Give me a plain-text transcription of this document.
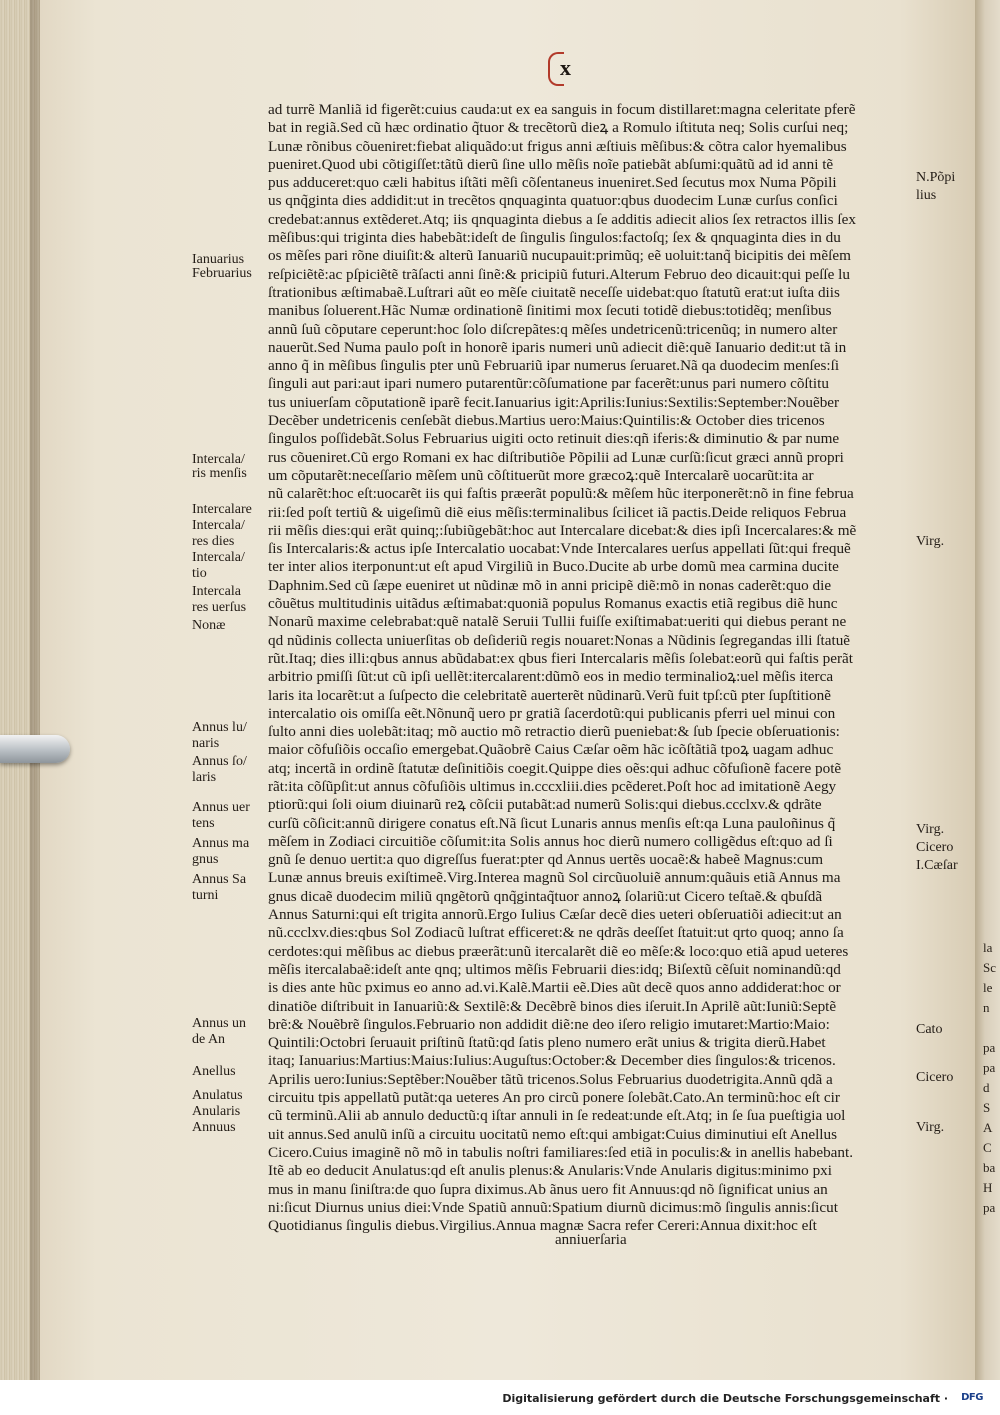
x
ad turrẽ Manliã id figerẽt:cuius cauda:ut ex ea sanguis in focum distillaret:magna celeritate pferẽ
bat in regiã.Sed cũ hæc ordinatio q̃tuor & trecẽtorũ dieꝝ a Romulo iſtituta neq; Solis curſui neq;
Lunæ rõnibus cõueniret:fiebat aliquãdo:ut frigus anni æſtiuis mẽſibus:& cõtra calor hyemalibus
pueniret.Quod ubi cõtigiſſet:tãtũ dierũ ſine ullo mẽſis noĩe patiebãt abſumi:quãtũ ad id anni tẽ
pus adduceret:quo cæli habitus iſtãti mẽſi cõſentaneus inueniret.Sed ſecutus mox Numa Põpili
us qnq̃ginta dies addidit:ut in trecẽtos qnquaginta quatuor:qbus duodecim Lunæ curſus conſici
credebat:annus extẽderet.Atq; iis qnquaginta diebus a ſe additis adiecit alios ſex retractos illis ſex
mẽſibus:qui triginta dies habebãt:ideſt de ſingulis ſingulos:factoſq; ſex & qnquaginta dies in du
os mẽſes pari rõne diuiſit:& alterũ Ianuariũ nucupauit:primũq; eẽ uoluit:tanq̃ bicipitis dei mẽſem
reſpiciẽtẽ:ac pſpiciẽtẽ trãſacti anni ſinẽ:& pricipiũ futuri.Alterum Februo deo dicauit:qui peſſe lu
ſtrationibus æſtimabaẽ.Luſtrari aũt eo mẽſe ciuitatẽ neceſſe uidebat:quo ſtatutũ erat:ut iuſta diis
manibus ſoluerent.Hãc Numæ ordinationẽ ſinitimi mox ſecuti totidẽ diebus:totidẽq; menſibus
annũ ſuũ cõputare ceperunt:hoc ſolo diſcrepãtes:q mẽſes undetricenũ:tricenũq; in numero alter
nauerũt.Sed Numa paulo poſt in honorẽ iparis numeri unũ adiecit diẽ:quẽ Ianuario dedit:ut tã in
anno q̃ in mẽſibus ſingulis pter unũ Februariũ ipar numerus ſeruaret.Nã qa duodecim menſes:ſi
ſinguli aut pari:aut ipari numero putarentũr:cõſumatione par facerẽt:unus pari numero cõſtitu
tus uniuerſam cõputationẽ iparẽ fecit.Ianuarius igit:Aprilis:Iunius:Sextilis:September:Nouẽber
Decẽber undetricenis cenſebãt diebus.Martius uero:Maius:Quintilis:& October dies tricenos
ſingulos poſſidebãt.Solus Februarius uigiti octo retinuit dies:qñ iferis:& diminutio & par nume
rus cõueniret.Cũ ergo Romani ex hac diſtributiõe Põpilii ad Lunæ curſũ:ſicut græci annũ propri
um cõputarẽt:neceſſario mẽſem unũ cõſtituerũt more græcoꝝ:quẽ Intercalarẽ uocarũt:ita ar
nũ calarẽt:hoc eſt:uocarẽt iis qui faſtis præerãt populũ:& mẽſem hũc iterponerẽt:nõ in fine februa
rii:ſed poſt tertiũ & uigeſimũ diẽ eius mẽſis:terminalibus ſcilicet iã pactis.Deide reliquos Februa
rii mẽſis dies:qui erãt quinq;:ſubiũgebãt:hoc aut Intercalare dicebat:& dies ipſi Incercalares:& mẽ
ſis Intercalaris:& actus ipſe Intercalatio uocabat:Vnde Intercalares uerſus appellati ſũt:qui frequẽ
ter inter alios iterponunt:ut eſt apud Virgiliũ in Buco.Ducite ab urbe domũ mea carmina ducite
Daphnim.Sed cũ ſæpe eueniret ut nũdinæ mõ in anni pricipẽ diẽ:mõ in nonas caderẽt:quo die
cõuẽtus multitudinis uitãdus æſtimabat:quoniã populus Romanus exactis etiã regibus diẽ hunc
Nonarũ maxime celebrabat:quẽ natalẽ Seruii Tullii fuiſſe exiſtimabat:ueriti qui diebus perant ne
qd nũdinis collecta uniuerſitas ob deſideriũ regis nouaret:Nonas a Nũdinis ſegregandas illi ſtatuẽ
rũt.Itaq; dies illi:qbus annus abũdabat:ex qbus fieri Intercalaris mẽſis ſolebat:eorũ qui faſtis perãt
arbitrio pmiſſi ſũt:ut cũ ipſi uellẽt:itercalarent:dũmõ eos in medio terminalioꝝ:uel mẽſis iterca
laris ita locarẽt:ut a ſuſpecto die celebritatẽ auerterẽt nũdinarũ.Verũ fuit tpſ:cũ pter ſupſtitionẽ
intercalatio ois omiſſa eẽt.Nõnunq̃ uero pr gratiã ſacerdotũ:qui publicanis pferri uel minui con
ſulto anni dies uolebãt:itaq; mõ auctio mõ retractio dierũ pueniebat:& ſub ſpecie obſeruationis:
maior cõfuſiõis occaſio emergebat.Quãobrẽ Caius Cæſar oẽm hãc icõſtãtiã tpoꝝ uagam adhuc
atq; incertã in ordinẽ ſtatutæ deſinitiõis coegit.Quippe dies oẽs:qui adhuc cõfuſionẽ facere potẽ
rãt:ita cõſũpſit:ut annus cõfuſiõis ultimus in.cccxliii.dies pcẽderet.Poſt hoc ad imitationẽ Aegy
ptiorũ:qui ſoli oium diuinarũ reꝝ cõſcii putabãt:ad numerũ Solis:qui diebus.ccclxv.& qdrãte
curſũ cõſicit:annũ dirigere conatus eſt.Nã ſicut Lunaris annus menſis eſt:qa Luna pauloñinus q̃
mẽſem in Zodiaci circuitiõe cõſumit:ita Solis annus hoc dierũ numero colligẽdus eſt:quo ad ſi
gnũ ſe denuo uertit:a quo digreſſus fuerat:pter qd Annus uertẽs uocaẽ:& habeẽ Magnus:cum
Lunæ annus breuis exiſtimeẽ.Virg.Interea magnũ Sol circũuoluiẽ annum:quãuis etiã Annus ma
gnus dicaẽ duodecim miliũ qngẽtorũ qnq̃gintaq̃tuor annoꝝ ſolariũ:ut Cicero teſtaẽ.& qbuſdã
Annus Saturni:qui eſt trigita annorũ.Ergo Iulius Cæſar decẽ dies ueteri obſeruatiõi adiecit:ut an
nũ.ccclxv.dies:qbus Sol Zodiacũ luſtrat efficeret:& ne qdrãs deeſſet ſtatuit:ut qrto quoq; anno ſa
cerdotes:qui mẽſibus ac diebus præerãt:unũ itercalarẽt diẽ eo mẽſe:& loco:quo etiã apud ueteres
mẽſis itercalabaẽ:ideſt ante qnq; ultimos mẽſis Februarii dies:idq; Biſextũ cẽſuit nominandũ:qd
is dies ante hũc pximus eo anno ad.vi.Kalẽ.Martii eẽ.Dies aũt decẽ quos anno addiderat:hoc or
dinatiõe diſtribuit in Ianuariũ:& Sextilẽ:& Decẽbrẽ binos dies iſeruit.In Aprilẽ aũt:Iuniũ:Septẽ
brẽ:& Nouẽbrẽ ſingulos.Februario non addidit diẽ:ne deo iſero religio imutaret:Martio:Maio:
Quintili:Octobri ſeruauit priſtinũ ſtatũ:qd ſatis pleno numero erãt unius & trigita dierũ.Habet
itaq; Ianuarius:Martius:Maius:Iulius:Auguſtus:October:& December dies ſingulos:& tricenos.
Aprilis uero:Iunius:Septẽber:Nouẽber tãtũ tricenos.Solus Februarius duodetrigita.Annũ qdã a
circuitu tpis appellatũ putãt:qa ueteres An pro circũ ponere ſolebãt.Cato.An terminũ:hoc eſt cir
cũ terminũ.Alii ab annulo deductũ:q iſtar annuli in ſe redeat:unde eſt.Atq; in ſe ſua pueſtigia uol
uit annus.Sed anulũ inſũ a circuitu uocitatũ nemo eſt:qui ambigat:Cuius diminutiui eſt Anellus
Cicero.Cuius imaginẽ nõ mõ in tabulis noſtri familiares:ſed etiã in poculis:& in anellis habebant.
Itẽ ab eo deducit Anulatus:qd eſt anulis plenus:& Anularis:Vnde Anularis digitus:minimo pxi
mus in manu ſiniſtra:de quo ſupra diximus.Ab ãnus uero fit Annuus:qd nõ ſignificat unius an
ni:ſicut Diurnus unius diei:Vnde Spatiũ annuũ:Spatium diurnũ dicimus:mõ ſingulis annis:ſicut
Quotidianus ſingulis diebus.Virgilius.Annua magnæ Sacra refer Cereri:Annua dixit:hoc eſt
Ianuarius
Februarius
Intercala/
ris menſis
Intercalare
Intercala/
res dies
Intercala/
tio
Intercala
res uerſus
Nonæ
Annus lu/
naris
Annus ſo/
laris
Annus uer
tens
Annus ma
gnus
Annus Sa
turni
Annus un
de An
Anellus
Anulatus
Anularis
Annuus
N.Põpi
lius
Virg.
Virg.
Cicero
I.Cæſar
Cato
Cicero
Virg.
la
Sc
le
n
pa
pa
d
S
A
C
ba
H
pa
anniuerſaria
Digitalisierung gefördert durch die Deutsche Forschungsgemeinschaft ·	DFG
